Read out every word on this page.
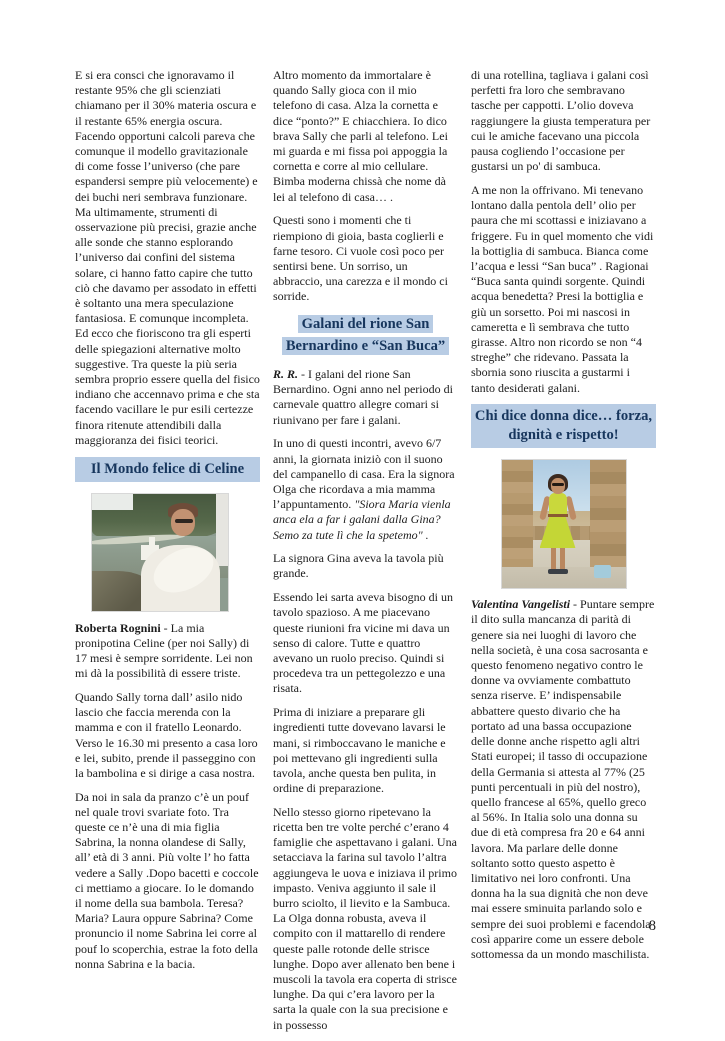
E si era consci che ignoravamo il restante 95% che gli scienziati chiamano per il 30% materia oscura e il restante 65% energia oscura. Facendo opportuni calcoli pareva che comunque il modello gravitazionale di come fosse l’universo (che pare espandersi sempre più velocemente) e dei buchi neri sembrava funzionare. Ma ultimamente, strumenti di osservazione più precisi, grazie anche alle sonde che stanno esplorando l’universo dai confini del sistema solare, ci hanno fatto capire che tutto ciò che davamo per assodato in effetti è soltanto una mera speculazione fantasiosa. E comunque incompleta. Ed ecco che fioriscono tra gli esperti delle spiegazioni alternative molto suggestive. Tra queste la più seria sembra proprio essere quella del fisico indiano che accennavo prima e che sta facendo vacillare le pur esili certezze finora ritenute attendibili dalla maggioranza dei fisici teorici.

Il Mondo felice di Celine

Roberta Rognini - La mia pronipotina Celine (per noi Sally) di 17 mesi è sempre sorridente. Lei non mi dà la possibilità di essere triste.

Quando Sally torna dall’ asilo nido lascio che faccia merenda con la mamma e con il fratello Leonardo. Verso le 16.30 mi presento a casa loro e lei, subito, prende il passeggino con la bambolina e si dirige a casa nostra.

Da noi in sala da pranzo c’è un pouf nel quale trovi svariate foto. Tra queste ce n’è una di mia figlia Sabrina, la nonna olandese di Sally, all’ età di 3 anni. Più volte l’ ho fatta vedere a Sally .Dopo bacetti e coccole ci mettiamo a giocare. Io le domando il nome della sua bambola. Teresa? Maria? Laura oppure Sabrina? Come pronuncio il nome Sabrina lei corre al pouf lo scoperchia, estrae la foto della nonna Sabrina e la bacia.

Altro momento da immortalare è quando Sally gioca con il mio telefono di casa. Alza la cornetta e dice “ponto?” E chiacchiera. Io dico brava Sally che parli al telefono. Lei mi guarda e mi fissa poi appoggia la cornetta e corre al mio cellulare. Bimba moderna chissà che nome dà lei al telefono di casa… .

Questi sono i momenti che ti riempiono di gioia, basta coglierli e farne tesoro. Ci vuole così poco per sentirsi bene. Un sorriso, un abbraccio, una carezza e il mondo ci sorride.

Galani del rione San Bernardino e “San Buca”

R. R. - I galani del rione San Bernardino. Ogni anno nel periodo di carnevale quattro allegre comari si riunivano per fare i galani.

In uno di questi incontri, avevo 6/7 anni, la giornata iniziò con il suono del campanello di casa. Era la signora Olga che ricordava a mia mamma l’appuntamento. "Siora Maria vienla anca ela a far i galani dalla Gina? Semo za tute lì che la spetemo" .

La signora Gina aveva la tavola più grande.

Essendo lei sarta aveva bisogno di un tavolo spazioso. A me piacevano queste riunioni fra vicine mi dava un senso di calore. Tutte e quattro avevano un ruolo preciso. Quindi si procedeva tra un pettegolezzo e una risata.

Prima di iniziare a preparare gli ingredienti tutte dovevano lavarsi le mani, si rimboccavano le maniche e poi mettevano gli ingredienti sulla tavola, anche questa ben pulita, in ordine di preparazione.

Nello stesso giorno ripetevano la ricetta ben tre volte perché c’erano 4 famiglie che aspettavano i galani. Una setacciava la farina sul tavolo l’altra aggiungeva le uova e iniziava il primo impasto. Veniva aggiunto il sale il burro sciolto, il lievito e la Sambuca. La Olga donna robusta, aveva il compito con il mattarello di rendere queste palle rotonde delle strisce lunghe. Dopo aver allenato ben bene i muscoli la tavola era coperta di strisce lunghe. Da qui c’era lavoro per la sarta la quale con la sua precisione e in possesso

di una rotellina, tagliava i galani così perfetti fra loro che sembravano tasche per cappotti. L’olio doveva raggiungere la giusta temperatura per cui le amiche facevano una piccola pausa cogliendo l’occasione per gustarsi un po' di sambuca.

A me non la offrivano. Mi tenevano lontano dalla pentola dell’ olio per paura che mi scottassi e iniziavano a friggere. Fu in quel momento che vidi la bottiglia di sambuca. Bianca come l’acqua e lessi “San buca” . Ragionai “Buca santa quindi sorgente. Quindi acqua benedetta? Presi la bottiglia e giù un sorsetto. Poi mi nascosi in cameretta e lì sembrava che tutto girasse. Altro non ricordo se non “4 streghe” che ridevano. Passata la sbornia sono riuscita a gustarmi i tanto desiderati galani.

Chi dice donna dice… forza, dignità e rispetto!

Valentina Vangelisti - Puntare sempre il dito sulla mancanza di parità di genere sia nei luoghi di lavoro che nella società, è una cosa sacrosanta e questo fenomeno negativo contro le donne va ovviamente combattuto senza riserve. E’ indispensabile abbattere questo divario che ha portato ad una bassa occupazione delle donne anche rispetto agli altri Stati europei; il tasso di occupazione della Germania si attesta al 77% (25 punti percentuali in più del nostro), quello francese al 65%, quello greco al 56%. In Italia solo una donna su due di età compresa fra 20 e 64 anni lavora. Ma parlare delle donne soltanto sotto questo aspetto è limitativo nei loro confronti. Una donna ha la sua dignità che non deve mai essere sminuita parlando solo e sempre dei suoi problemi e facendola così apparire come un essere debole sottomessa da un mondo maschilista.

8
